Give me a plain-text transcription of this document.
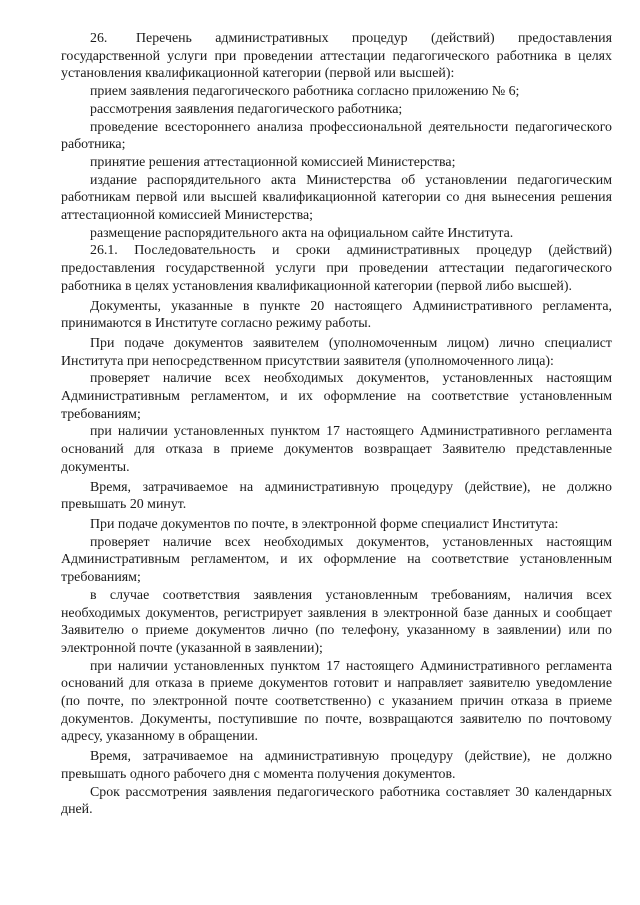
26. Перечень административных процедур (действий) предоставления государственной услуги при проведении аттестации педагогического работника в целях установления квалификационной категории (первой или высшей):

прием заявления педагогического работника согласно приложению № 6;

рассмотрения заявления педагогического работника;

проведение всестороннего анализа профессиональной деятельности педагогического работника;

принятие решения аттестационной комиссией Министерства;

издание распорядительного акта Министерства об установлении педагогическим работникам первой или высшей квалификационной категории со дня вынесения решения аттестационной комиссией Министерства;

размещение распорядительного акта на официальном сайте Института.

26.1. Последовательность и сроки административных процедур (действий) предоставления государственной услуги при проведении аттестации педагогического работника в целях установления квалификационной категории (первой либо высшей).

Документы, указанные в пункте 20 настоящего Административного регламента, принимаются в Институте согласно режиму работы.

При подаче документов заявителем (уполномоченным лицом) лично специалист Института при непосредственном присутствии заявителя (уполномоченного лица):

проверяет наличие всех необходимых документов, установленных настоящим Административным регламентом, и их оформление на соответствие установленным требованиям;

при наличии установленных пунктом 17 настоящего Административного регламента оснований для отказа в приеме документов возвращает Заявителю представленные документы.

Время, затрачиваемое на административную процедуру (действие), не должно превышать 20 минут.

При подаче документов по почте, в электронной форме специалист Института:

проверяет наличие всех необходимых документов, установленных настоящим Административным регламентом, и их оформление на соответствие установленным требованиям;

в случае соответствия заявления установленным требованиям, наличия всех необходимых документов, регистрирует заявления в электронной базе данных и сообщает Заявителю о приеме документов лично (по телефону, указанному в заявлении) или по электронной почте (указанной в заявлении);

при наличии установленных пунктом 17 настоящего Административного регламента оснований для отказа в приеме документов готовит и направляет заявителю уведомление (по почте, по электронной почте соответственно) с указанием причин отказа в приеме документов. Документы, поступившие по почте, возвращаются заявителю по почтовому адресу, указанному в обращении.

Время, затрачиваемое на административную процедуру (действие), не должно превышать одного рабочего дня с момента получения документов.

Срок рассмотрения заявления педагогического работника составляет 30 календарных дней.
